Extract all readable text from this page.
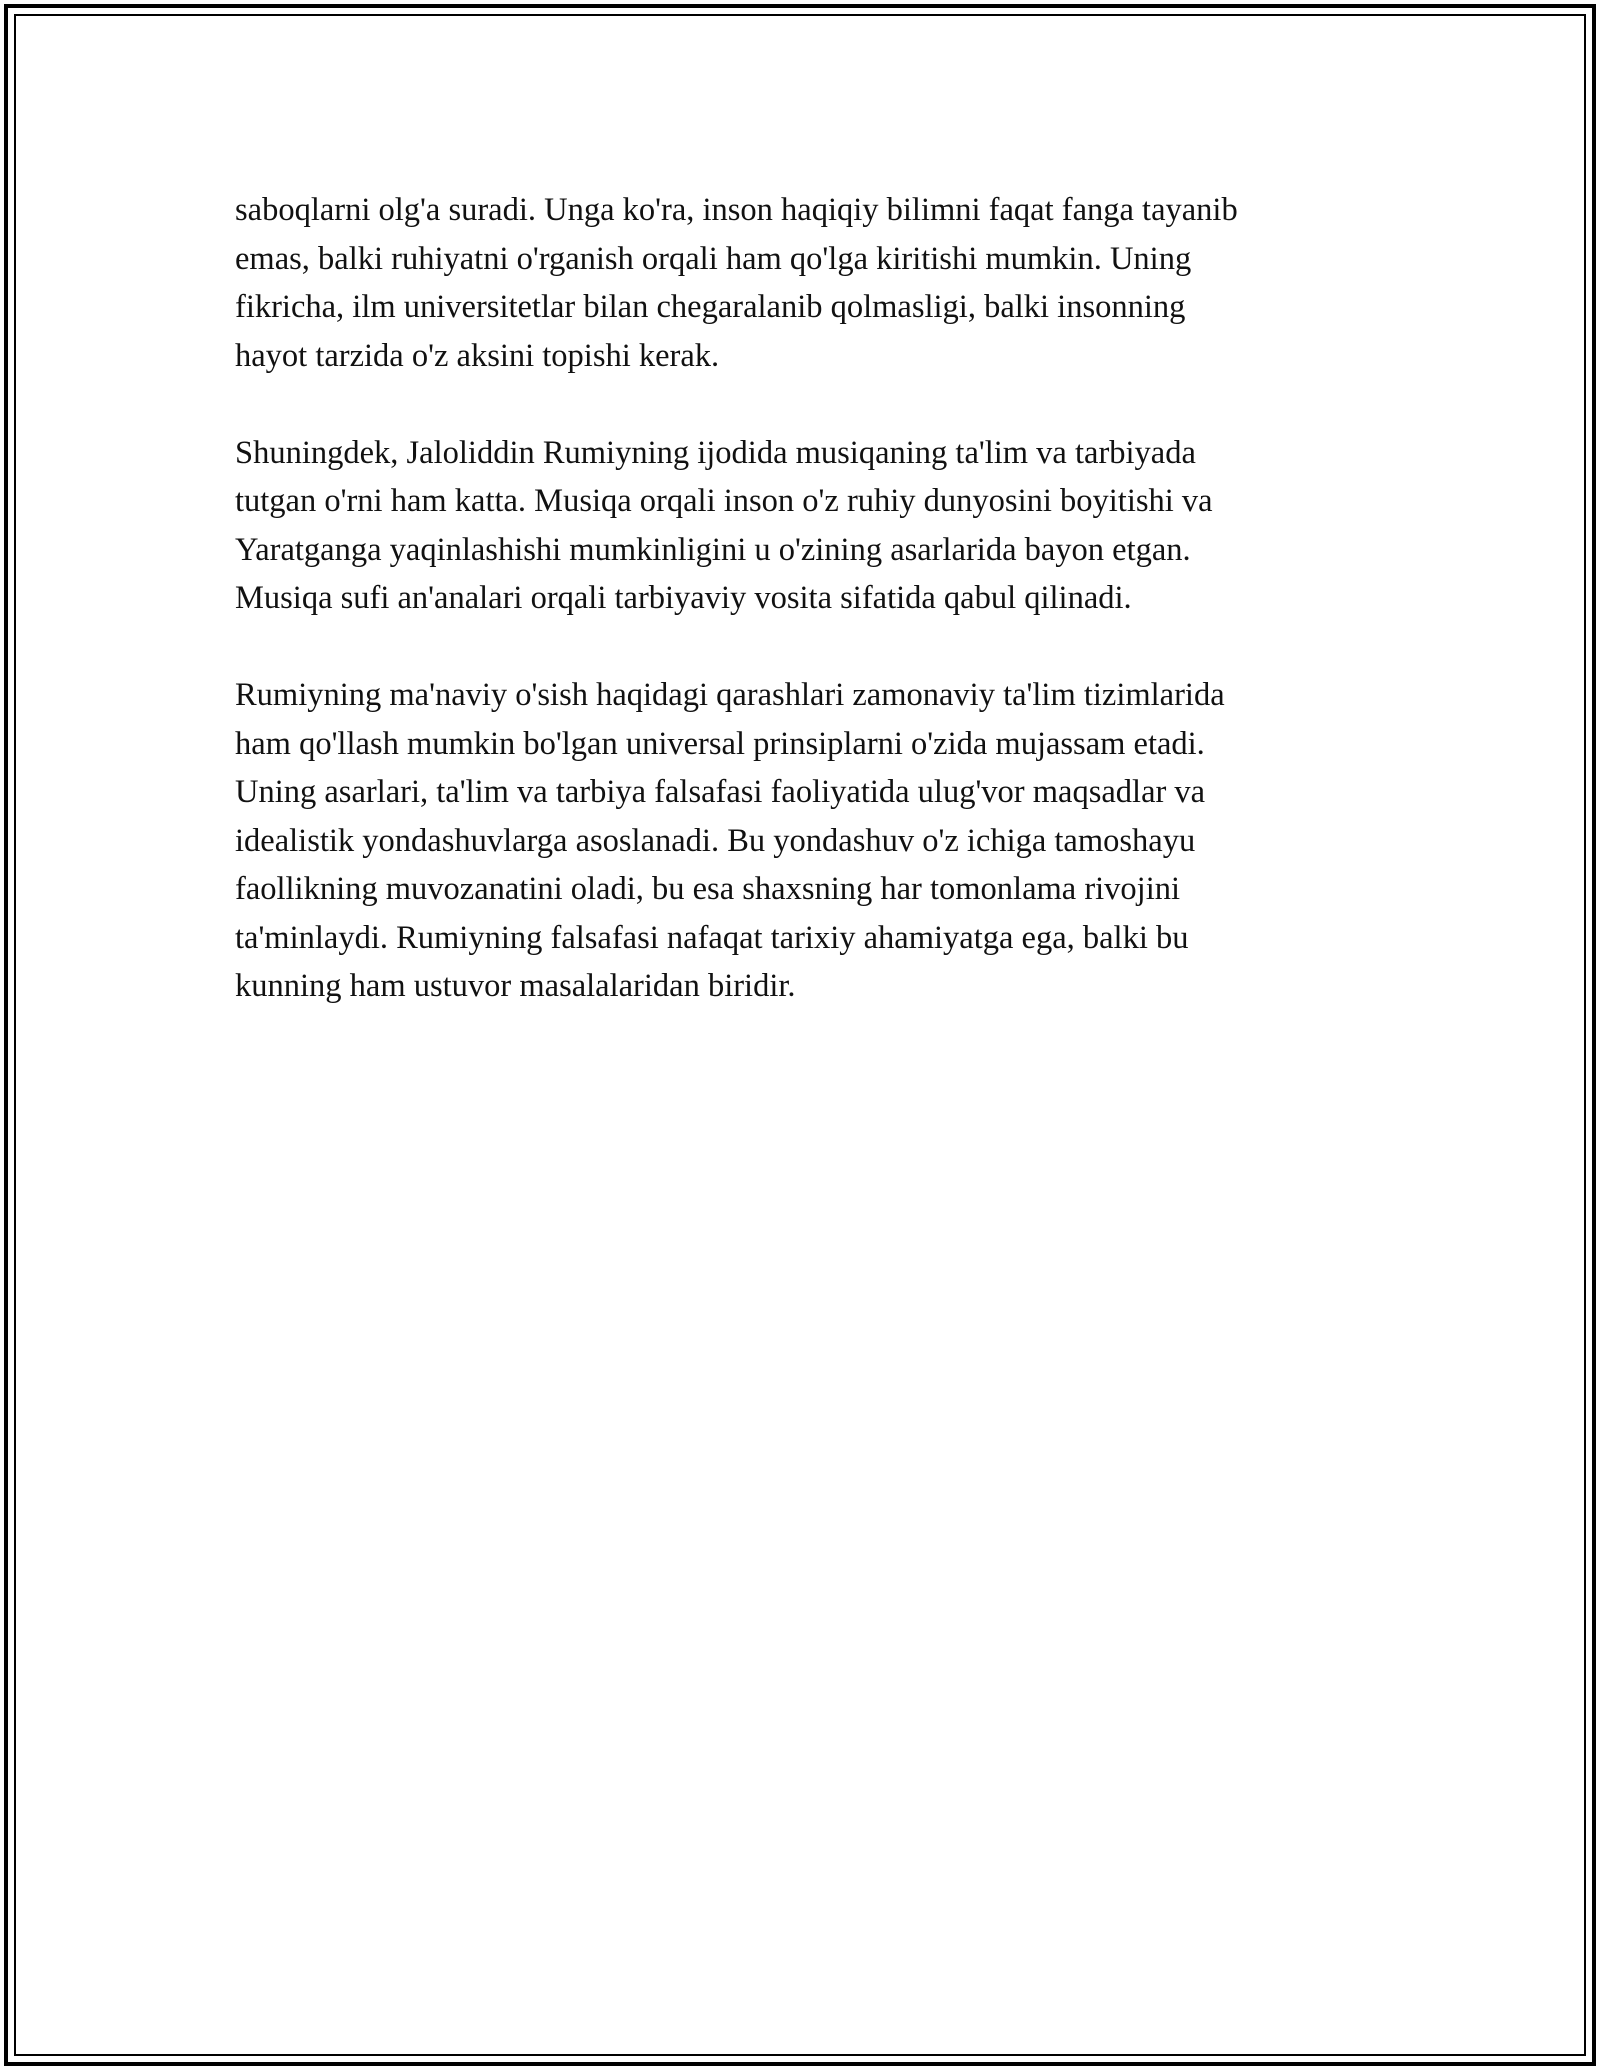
saboqlarni olg'a suradi. Unga ko'ra, inson haqiqiy bilimni faqat fanga tayanib
emas, balki ruhiyatni o'rganish orqali ham qo'lga kiritishi mumkin. Uning
fikricha, ilm universitetlar bilan chegaralanib qolmasligi, balki insonning
hayot tarzida o'z aksini topishi kerak.

Shuningdek, Jaloliddin Rumiyning ijodida musiqaning ta'lim va tarbiyada
tutgan o'rni ham katta. Musiqa orqali inson o'z ruhiy dunyosini boyitishi va
Yaratganga yaqinlashishi mumkinligini u o'zining asarlarida bayon etgan.
Musiqa sufi an'analari orqali tarbiyaviy vosita sifatida qabul qilinadi.

Rumiyning ma'naviy o'sish haqidagi qarashlari zamonaviy ta'lim tizimlarida
ham qo'llash mumkin bo'lgan universal prinsiplarni o'zida mujassam etadi.
Uning asarlari, ta'lim va tarbiya falsafasi faoliyatida ulug'vor maqsadlar va
idealistik yondashuvlarga asoslanadi. Bu yondashuv o'z ichiga tamoshayu
faollikning muvozanatini oladi, bu esa shaxsning har tomonlama rivojini
ta'minlaydi. Rumiyning falsafasi nafaqat tarixiy ahamiyatga ega, balki bu
kunning ham ustuvor masalalaridan biridir.
